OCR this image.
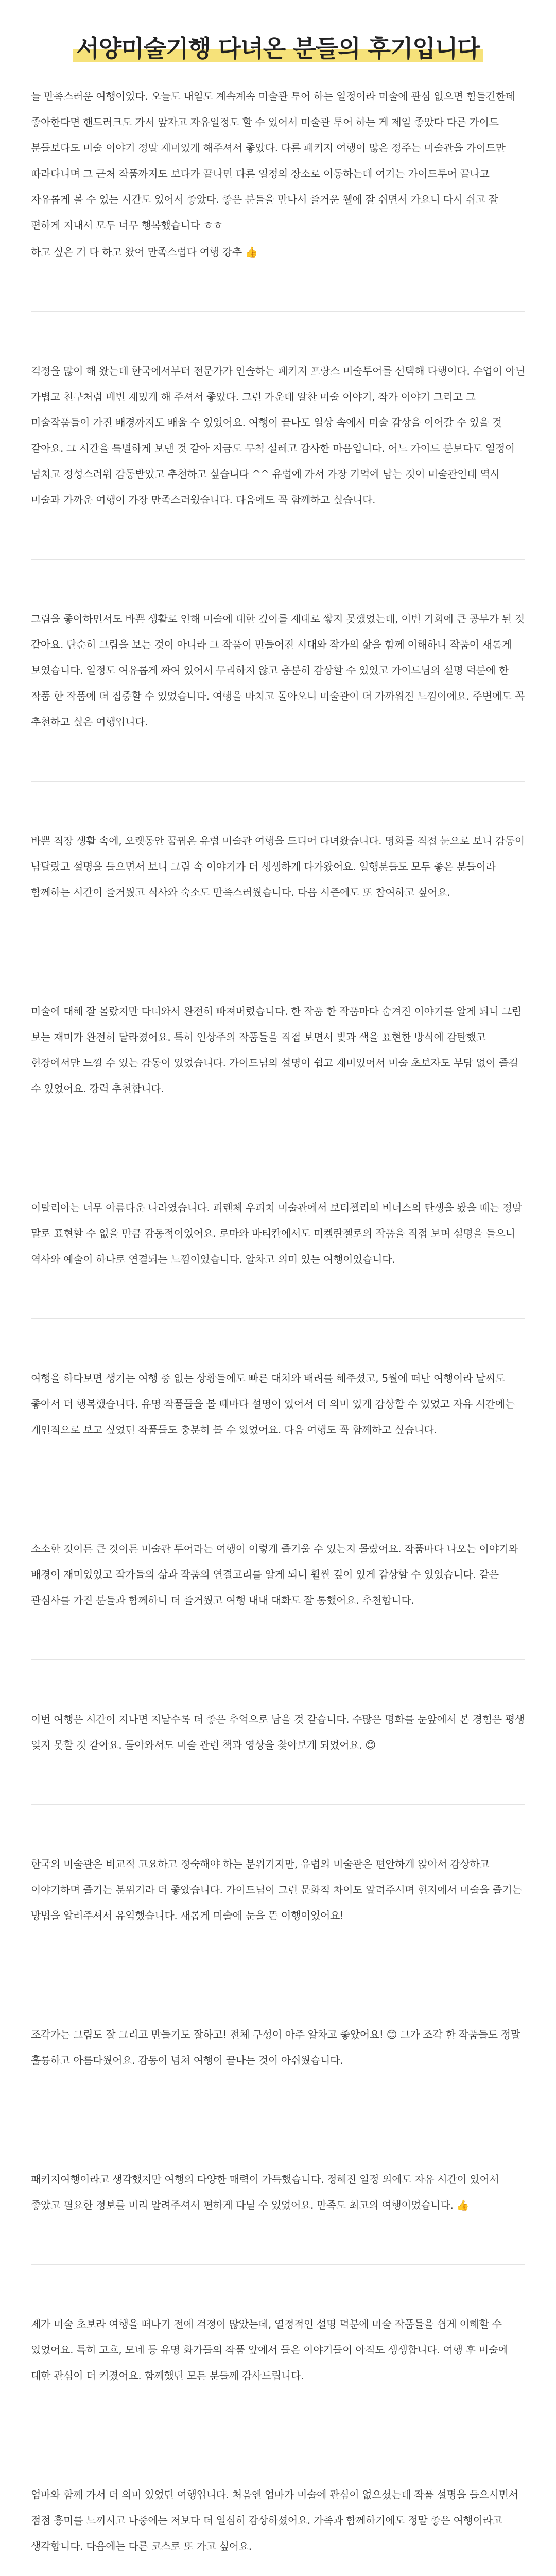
서양미술기행 다녀온 분들의 후기입니다

늘 만족스러운 여행이었다. 오늘도 내일도 계속계속 미술관 투어 하는 일정이라 미술에 관심 없으면 힘들긴한데 좋아한다면 핸드러크도 가서 앞자고 자유일정도 할 수 있어서 미술관 투어 하는 게 제일 좋았다 다른 가이드 분들보다도 미술 이야기 정말 재미있게 해주셔서 좋았다. 다른 패키지 여행이 많은 정주는 미술관을 가이드만 따라다니며 그 근처 작품까지도 보다가 끝나면 다른 일정의 장소로 이동하는데 여기는 가이드투어 끝나고 자유롭게 볼 수 있는 시간도 있어서 좋았다. 좋은 분들을 만나서 즐거운 웰에 잘 쉬면서 가요니 다시 쉬고 잘 편하게 지내서 모두 너무 행복했습니다 ㅎㅎ

하고 싶은 거 다 하고 왔어 만족스럽다 여행 강추 👍

걱정을 많이 해 왔는데 한국에서부터 전문가가 인솔하는 패키지 프랑스 미술투어를 선택해 다행이다. 수업이 아닌 가볍고 친구처럼 매번 재밌게 해 주셔서 좋았다. 그런 가운데 알찬 미술 이야기, 작가 이야기 그리고 그 미술작품들이 가진 배경까지도 배울 수 있었어요. 여행이 끝나도 일상 속에서 미술 감상을 이어갈 수 있을 것 같아요. 그 시간을 특별하게 보낸 것 같아 지금도 무척 설레고 감사한 마음입니다. 어느 가이드 분보다도 열정이 넘치고 정성스러워 감동받았고 추천하고 싶습니다 ^^ 유럽에 가서 가장 기억에 남는 것이 미술관인데 역시 미술과 가까운 여행이 가장 만족스러웠습니다. 다음에도 꼭 함께하고 싶습니다.

그림을 좋아하면서도 바쁜 생활로 인해 미술에 대한 깊이를 제대로 쌓지 못했었는데, 이번 기회에 큰 공부가 된 것 같아요. 단순히 그림을 보는 것이 아니라 그 작품이 만들어진 시대와 작가의 삶을 함께 이해하니 작품이 새롭게 보였습니다. 일정도 여유롭게 짜여 있어서 무리하지 않고 충분히 감상할 수 있었고 가이드님의 설명 덕분에 한 작품 한 작품에 더 집중할 수 있었습니다. 여행을 마치고 돌아오니 미술관이 더 가까워진 느낌이에요. 주변에도 꼭 추천하고 싶은 여행입니다.

바쁜 직장 생활 속에, 오랫동안 꿈꿔온 유럽 미술관 여행을 드디어 다녀왔습니다. 명화를 직접 눈으로 보니 감동이 남달랐고 설명을 들으면서 보니 그림 속 이야기가 더 생생하게 다가왔어요. 일행분들도 모두 좋은 분들이라 함께하는 시간이 즐거웠고 식사와 숙소도 만족스러웠습니다. 다음 시즌에도 또 참여하고 싶어요.

미술에 대해 잘 몰랐지만 다녀와서 완전히 빠져버렸습니다. 한 작품 한 작품마다 숨겨진 이야기를 알게 되니 그림 보는 재미가 완전히 달라졌어요. 특히 인상주의 작품들을 직접 보면서 빛과 색을 표현한 방식에 감탄했고 현장에서만 느낄 수 있는 감동이 있었습니다. 가이드님의 설명이 쉽고 재미있어서 미술 초보자도 부담 없이 즐길 수 있었어요. 강력 추천합니다.

이탈리아는 너무 아름다운 나라였습니다. 피렌체 우피치 미술관에서 보티첼리의 비너스의 탄생을 봤을 때는 정말 말로 표현할 수 없을 만큼 감동적이었어요. 로마와 바티칸에서도 미켈란젤로의 작품을 직접 보며 설명을 들으니 역사와 예술이 하나로 연결되는 느낌이었습니다. 알차고 의미 있는 여행이었습니다.

여행을 하다보면 생기는 여행 중 없는 상황들에도 빠른 대처와 배려를 해주셨고, 5월에 떠난 여행이라 날씨도 좋아서 더 행복했습니다. 유명 작품들을 볼 때마다 설명이 있어서 더 의미 있게 감상할 수 있었고 자유 시간에는 개인적으로 보고 싶었던 작품들도 충분히 볼 수 있었어요. 다음 여행도 꼭 함께하고 싶습니다.

소소한 것이든 큰 것이든 미술관 투어라는 여행이 이렇게 즐거울 수 있는지 몰랐어요. 작품마다 나오는 이야기와 배경이 재미있었고 작가들의 삶과 작품의 연결고리를 알게 되니 훨씬 깊이 있게 감상할 수 있었습니다. 같은 관심사를 가진 분들과 함께하니 더 즐거웠고 여행 내내 대화도 잘 통했어요. 추천합니다.

이번 여행은 시간이 지나면 지날수록 더 좋은 추억으로 남을 것 같습니다. 수많은 명화를 눈앞에서 본 경험은 평생 잊지 못할 것 같아요. 돌아와서도 미술 관련 책과 영상을 찾아보게 되었어요. 😊

한국의 미술관은 비교적 고요하고 정숙해야 하는 분위기지만, 유럽의 미술관은 편안하게 앉아서 감상하고 이야기하며 즐기는 분위기라 더 좋았습니다. 가이드님이 그런 문화적 차이도 알려주시며 현지에서 미술을 즐기는 방법을 알려주셔서 유익했습니다. 새롭게 미술에 눈을 뜬 여행이었어요!

조각가는 그림도 잘 그리고 만들기도 잘하고! 전체 구성이 아주 알차고 좋았어요! 😊 그가 조각 한 작품들도 정말 훌륭하고 아름다웠어요. 감동이 넘쳐 여행이 끝나는 것이 아쉬웠습니다.

패키지여행이라고 생각했지만 여행의 다양한 매력이 가득했습니다. 정해진 일정 외에도 자유 시간이 있어서 좋았고 필요한 정보를 미리 알려주셔서 편하게 다닐 수 있었어요. 만족도 최고의 여행이었습니다. 👍

제가 미술 초보라 여행을 떠나기 전에 걱정이 많았는데, 열정적인 설명 덕분에 미술 작품들을 쉽게 이해할 수 있었어요. 특히 고흐, 모네 등 유명 화가들의 작품 앞에서 들은 이야기들이 아직도 생생합니다. 여행 후 미술에 대한 관심이 더 커졌어요. 함께했던 모든 분들께 감사드립니다.

엄마와 함께 가서 더 의미 있었던 여행입니다. 처음엔 엄마가 미술에 관심이 없으셨는데 작품 설명을 들으시면서 점점 흥미를 느끼시고 나중에는 저보다 더 열심히 감상하셨어요. 가족과 함께하기에도 정말 좋은 여행이라고 생각합니다. 다음에는 다른 코스로 또 가고 싶어요.
